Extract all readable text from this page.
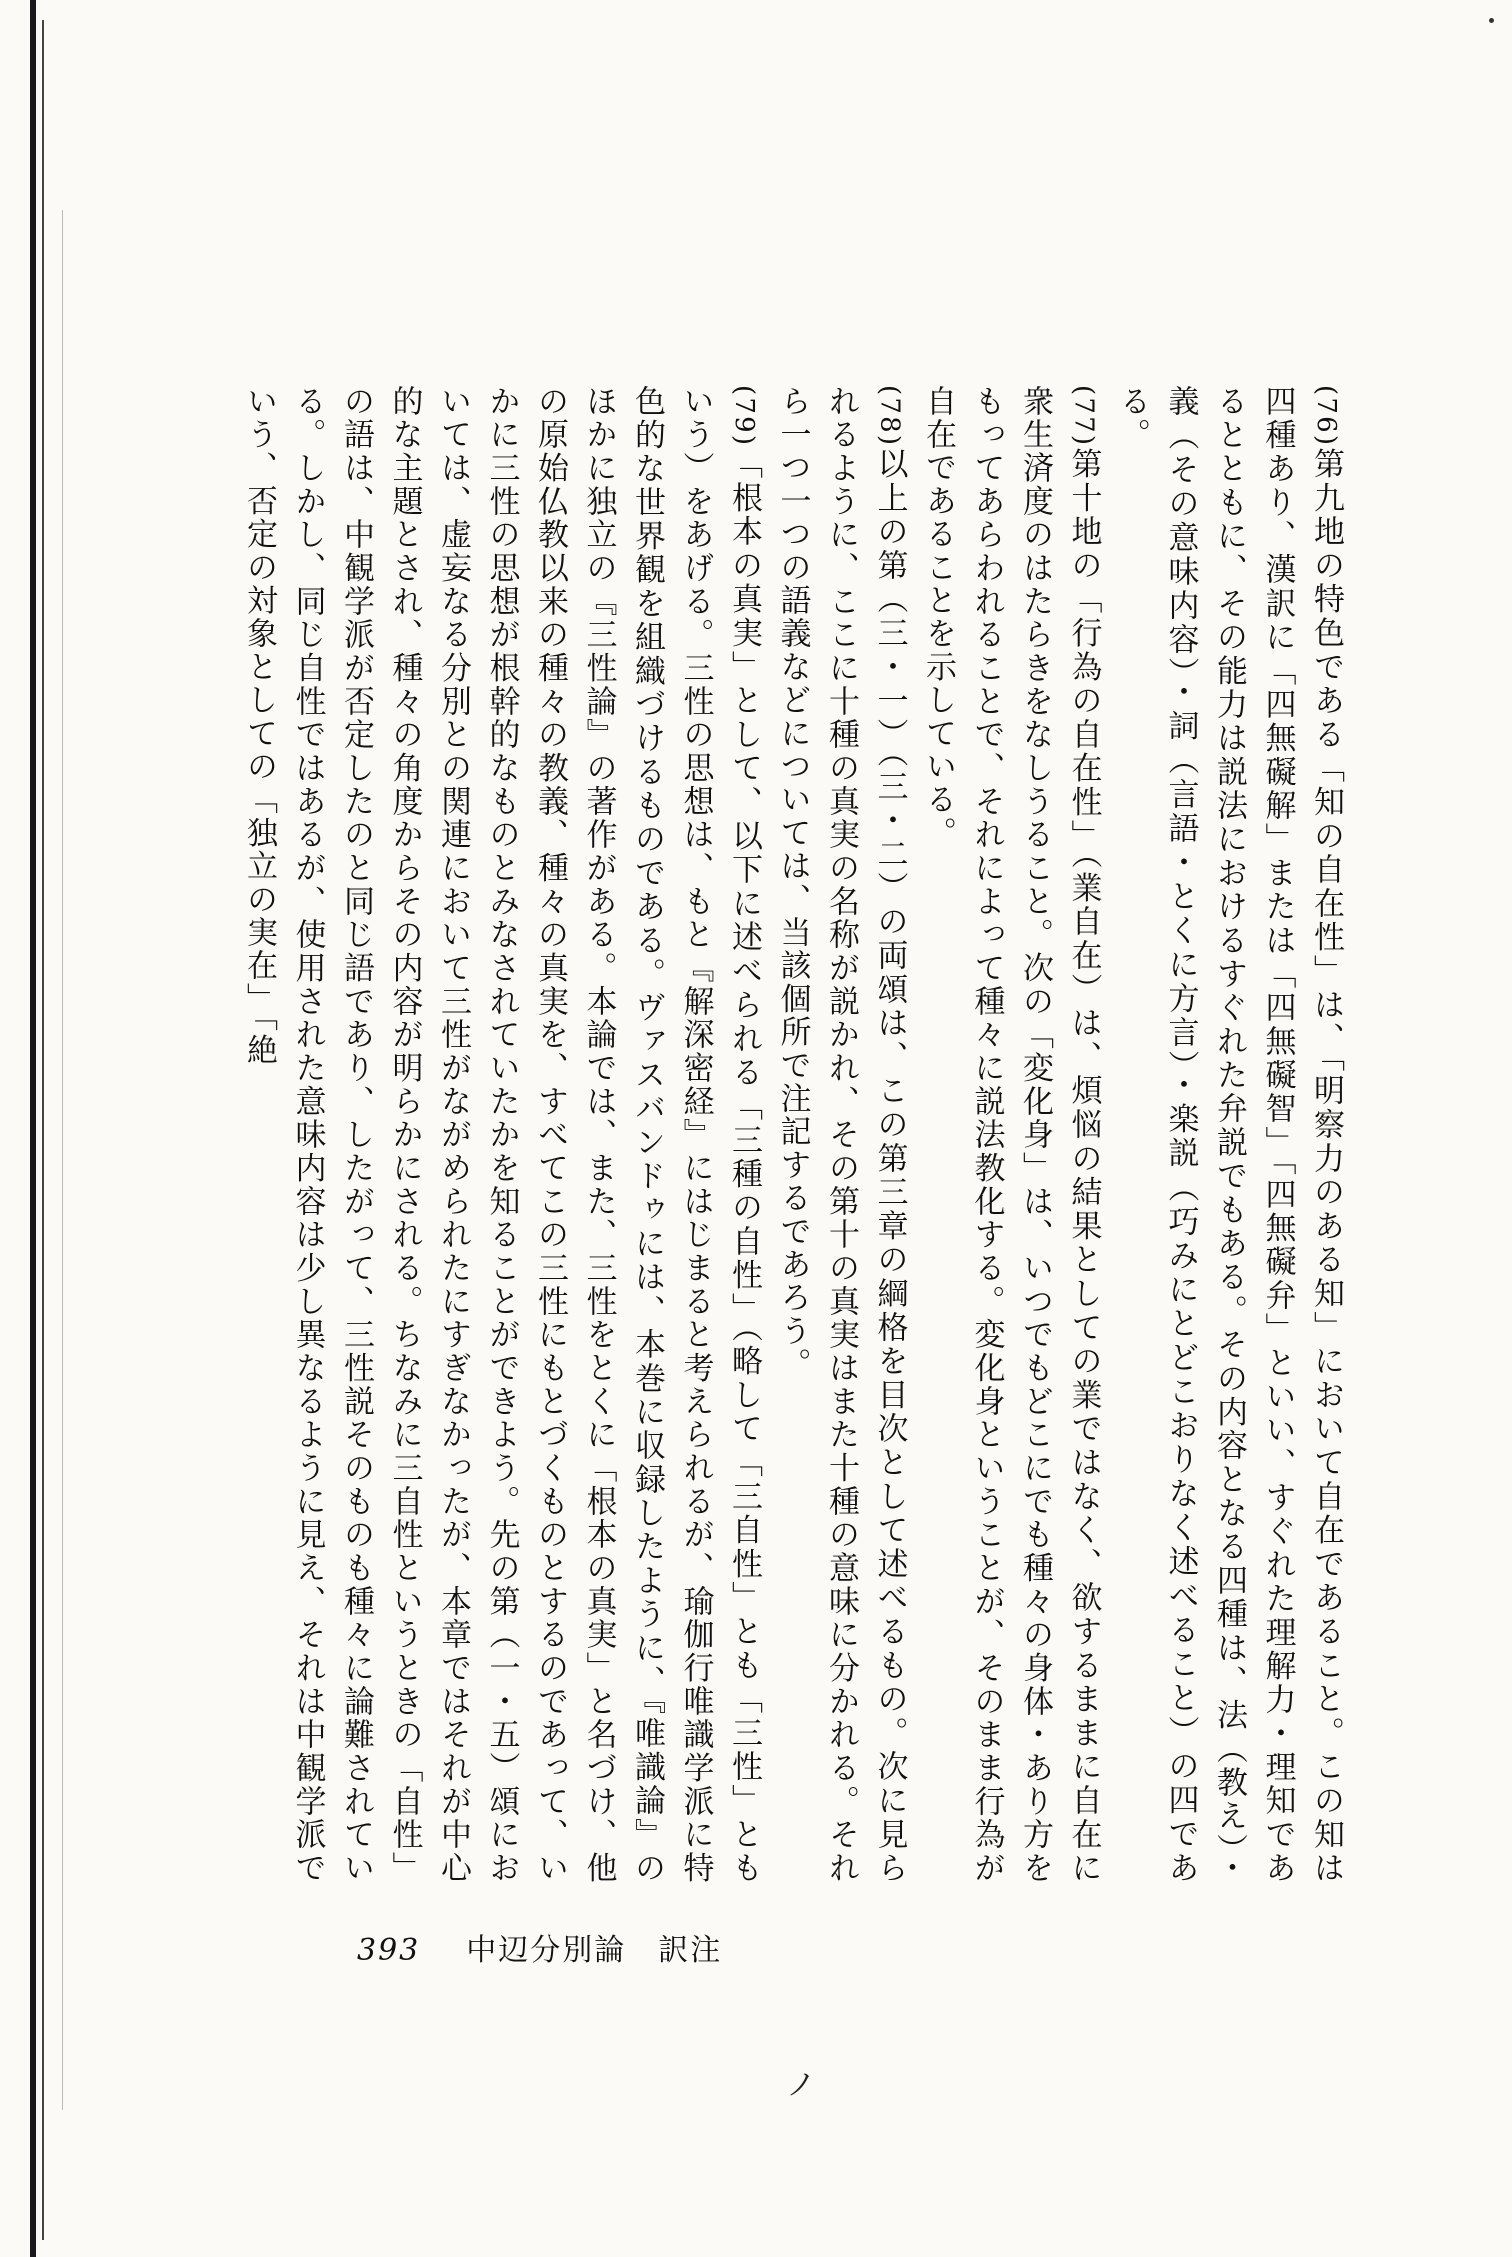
(76)第九地の特色である「知の自在性」は、「明察力のある知」において自在であること。この知は四種あり、漢訳に「四無礙解」または「四無礙智」「四無礙弁」といい、すぐれた理解力・理知であるとともに、その能力は説法におけるすぐれた弁説でもある。その内容となる四種は、法（教え）・義（その意味内容）・詞（言語・とくに方言）・楽説（巧みにとどこおりなく述べること）の四である。

(77)第十地の「行為の自在性」（業自在）は、煩悩の結果としての業ではなく、欲するままに自在に衆生済度のはたらきをなしうること。次の「変化身」は、いつでもどこにでも種々の身体・あり方をもってあらわれることで、それによって種々に説法教化する。変化身ということが、そのまま行為が自在であることを示している。

(78)以上の第（三・一）（三・二）の両頌は、この第三章の綱格を目次として述べるもの。次に見られるように、ここに十種の真実の名称が説かれ、その第十の真実はまた十種の意味に分かれる。それら一つ一つの語義などについては、当該個所で注記するであろう。

(79)「根本の真実」として、以下に述べられる「三種の自性」（略して「三自性」とも「三性」ともいう）をあげる。三性の思想は、もと『解深密経』にはじまると考えられるが、瑜伽行唯識学派に特色的な世界観を組織づけるものである。ヴァスバンドゥには、本巻に収録したように、『唯識論』のほかに独立の『三性論』の著作がある。本論では、また、三性をとくに「根本の真実」と名づけ、他の原始仏教以来の種々の教義、種々の真実を、すべてこの三性にもとづくものとするのであって、いかに三性の思想が根幹的なものとみなされていたかを知ることができよう。先の第（一・五）頌においては、虚妄なる分別との関連において三性がながめられたにすぎなかったが、本章ではそれが中心的な主題とされ、種々の角度からその内容が明らかにされる。ちなみに三自性というときの「自性」の語は、中観学派が否定したのと同じ語であり、したがって、三性説そのものも種々に論難されている。しかし、同じ自性ではあるが、使用された意味内容は少し異なるように見え、それは中観学派でいう、否定の対象としての「独立の実在」「絶

393 中辺分別論　訳注
ノ
